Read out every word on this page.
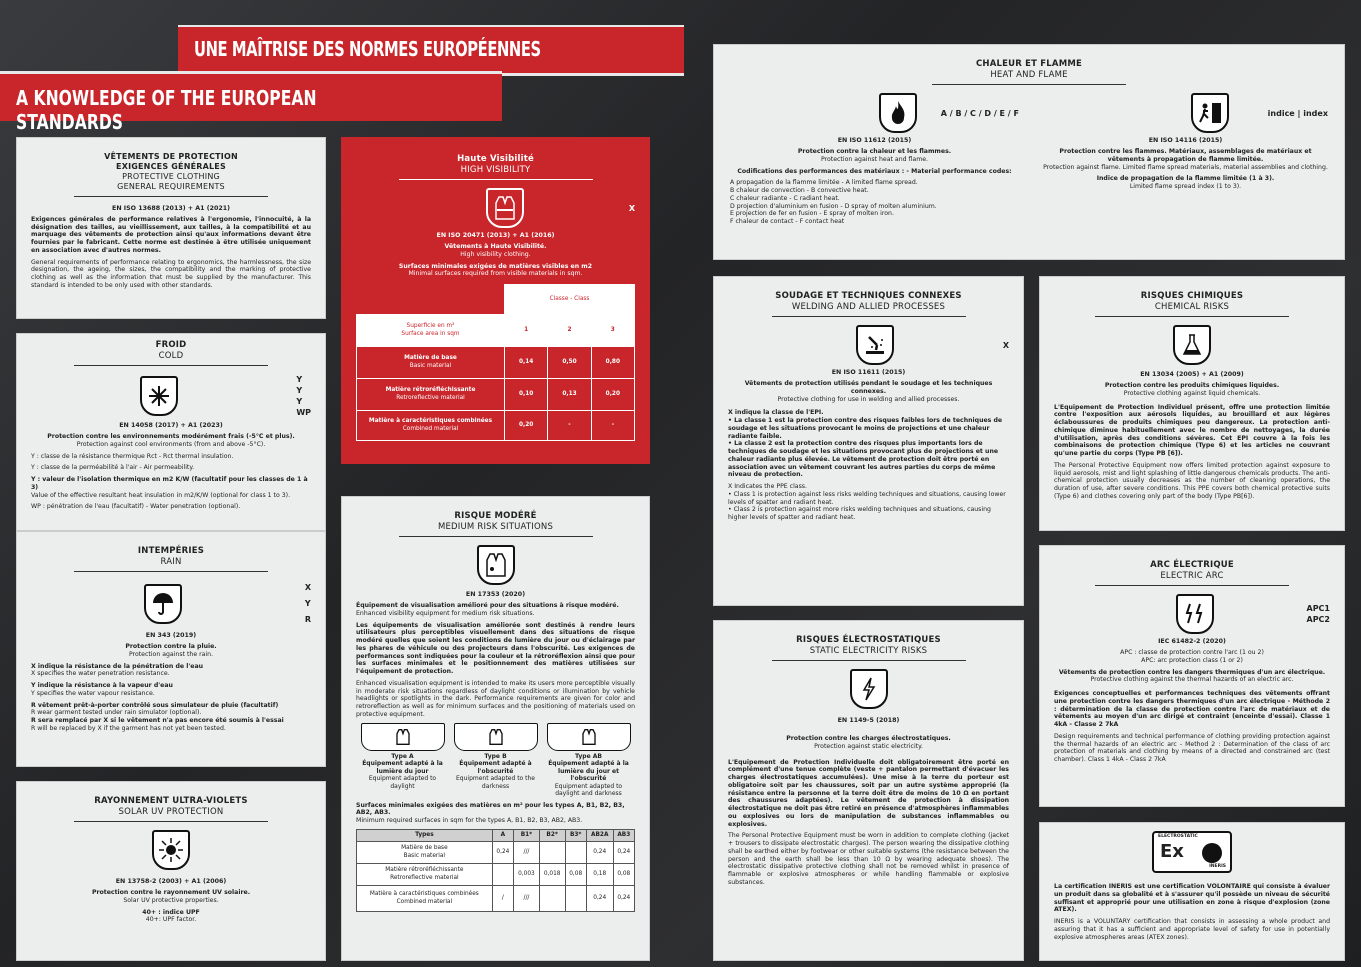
UNE MAÎTRISE DES NORMES EUROPÉENNES
A KNOWLEDGE OF THE EUROPEAN STANDARDS
VÊTEMENTS DE PROTECTION
EXIGENCES GÉNÉRALES
PROTECTIVE CLOTHING
GENERAL REQUIREMENTS
EN ISO 13688 (2013) + A1 (2021)

Exigences générales de performance relatives à l'ergonomie, l'innocuité, à la désignation des tailles, au vieillissement, aux tailles, à la compatibilité et au marquage des vêtements de protection ainsi qu'aux informations devant être fournies par le fabricant. Cette norme est destinée à être utilisée uniquement en association avec d'autres normes.

General requirements of performance relating to ergonomics, the harmlessness, the size designation, the ageing, the sizes, the compatibility and the marking of protective clothing as well as the information that must be supplied by the manufacturer. This standard is intended to be only used with other standards.

FROID
COLD
Y
Y
Y
WP
EN 14058 (2017) + A1 (2023)
Protection contre les environnements modérément frais (-5°C et plus).

Protection against cool environments (from and above -5°C).

Y : classe de la résistance thermique Rct - Rct thermal insulation.

Y : classe de la perméabilité à l'air - Air permeability.

Y : valeur de l'isolation thermique en m2 K/W (facultatif pour les classes de 1 à 3)

Value of the effective resultant heat insulation in m2/K/W (optional for class 1 to 3).

WP : pénétration de l'eau (facultatif) - Water penetration (optional).

INTEMPÉRIES
RAIN
X
Y
R
EN 343 (2019)
Protection contre la pluie.

Protection against the rain.

X indique la résistance de la pénétration de l'eau

X specifies the water penetration resistance.

Y indique la résistance à la vapeur d'eau

Y specifies the water vapour resistance.

R vêtement prêt-à-porter contrôlé sous simulateur de pluie (facultatif)
R wear garment tested under rain simulator (optional).
R sera remplacé par X si le vêtement n'a pas encore été soumis à l'essai
R will be replaced by X if the garment has not yet been tested.
RAYONNEMENT ULTRA-VIOLETS
SOLAR UV PROTECTION
EN 13758-2 (2003) + A1 (2006)
Protection contre le rayonnement UV solaire.

Solar UV protective properties.

40+ : indice UPF
40+: UPF factor.
Haute Visibilité
HIGH VISIBILITY
X
EN ISO 20471 (2013) + A1 (2016)
Vêtements à Haute Visibilité.

High visibility clothing.

Surfaces minimales exigées de matières visibles en m2

Minimal surfaces required from visible materials in sqm.

	Classe - Class		

Superficie en m²
Surface area in sqm	1	2	3

Matière de base
Basic material	0,14	0,50	0,80

Matière rétroréfléchissante
Retroreflective material	0,10	0,13	0,20

Matière à caractéristiques combinées
Combined material	0,20	-	-
RISQUE MODÉRÉ
MEDIUM RISK SITUATIONS
EN 17353 (2020)
Équipement de visualisation amélioré pour des situations à risque modéré.

Enhanced visibility equipment for medium risk situations.

Les équipements de visualisation améliorée sont destinés à rendre leurs utilisateurs plus perceptibles visuellement dans des situations de risque modéré quelles que soient les conditions de lumière du jour ou d'éclairage par les phares de véhicule ou des projecteurs dans l'obscurité. Les exigences de performances sont indiquées pour la couleur et la rétroréflexion ainsi que pour les surfaces minimales et le positionnement des matières utilisées sur l'équipement de protection.

Enhanced visualisation equipment is intended to make its users more perceptible visually in moderate risk situations regardless of daylight conditions or illumination by vehicle headlights or spotlights in the dark. Performance requirements are given for color and retroreflection as well as for minimum surfaces and the positioning of materials used on protective equipment.

Type A
Équipement adapté à la lumière du jour
Equipment adapted to daylight
Type B
Équipement adapté à l'obscurité
Equipment adapted to the darkness
Type AB
Équipement adapté à la lumière du jour et l'obscurité
Equipment adapted to daylight and darkness
Surfaces minimales exigées des matières en m² pour les types A, B1, B2, B3, AB2, AB3.

Minimum required surfaces in sqm for the types A, B1, B2, B3, AB2, AB3.

Types	A	B1*	B2*	B3*	AB2A	AB3

Matière de base
Basic material	0,24	///			0,24	0,24

Matière rétroréfléchissante
Retroreflective material		0,003	0,018	0,08	0,18	0,08

Matière à caractéristiques combinées
Combined material	/	///			0,24	0,24
CHALEUR ET FLAMME
HEAT AND FLAME
A / B / C / D / E / F
EN ISO 11612 (2015)
Protection contre la chaleur et les flammes.

Protection against heat and flame.

Codifications des performances des matériaux : - Material performance codes:

A propagation de la flamme limitée - A limited flame spread.
B chaleur de convection - B convective heat.
C chaleur radiante - C radiant heat.
D projection d'aluminium en fusion - D spray of molten aluminium.
E projection de fer en fusion - E spray of molten iron.
F chaleur de contact - F contact heat
indice | index
EN ISO 14116 (2015)
Protection contre les flammes. Matériaux, assemblages de matériaux et vêtements à propagation de flamme limitée.

Protection against flame. Limited flame spread materials, material assemblies and clothing.

Indice de propagation de la flamme limitée (1 à 3).
Limited flame spread index (1 to 3).
SOUDAGE ET TECHNIQUES CONNEXES
WELDING AND ALLIED PROCESSES
X
EN ISO 11611 (2015)
Vêtements de protection utilisés pendant le soudage et les techniques connexes.

Protective clothing for use in welding and allied processes.

X indique la classe de l'EPI.
• La classe 1 est la protection contre des risques faibles lors de techniques de soudage et les situations provocant le moins de projections et une chaleur radiante faible.

• La classe 2 est la protection contre des risques plus importants lors de techniques de soudage et les situations provocant plus de projections et une chaleur radiante plus élevée. Le vêtement de protection doit être porté en association avec un vêtement couvrant les autres parties du corps de même niveau de protection.

X Indicates the PPE class.
• Class 1 is protection against less risks welding techniques and situations, causing lower levels of spatter and radiant heat.
• Class 2 is protection against more risks welding techniques and situations, causing higher levels of spatter and radiant heat.
RISQUES ÉLECTROSTATIQUES
STATIC ELECTRICITY RISKS
EN 1149-5 (2018)
Protection contre les charges électrostatiques.

Protection against static electricity.

L'Equipement de Protection Individuelle doit obligatoirement être porté en complément d'une tenue complète (veste + pantalon permettant d'évacuer les charges électrostatiques accumulées). Une mise à la terre du porteur est obligatoire soit par les chaussures, soit par un autre système approprié (la résistance entre la personne et la terre doit être de moins de 10 Ω en portant des chaussures adaptées). Le vêtement de protection à dissipation électrostatique ne doit pas être retiré en présence d'atmosphères inflammables ou explosives ou lors de manipulation de substances inflammables ou explosives.

The Personal Protective Equipment must be worn in addition to complete clothing (jacket + trousers to dissipate electrostatic charges). The person wearing the dissipative clothing shall be earthed either by footwear or other suitable systems (the resistance between the person and the earth shall be less than 10 Ω by wearing adequate shoes). The electrostatic dissipative protective clothing shall not be removed whilst in presence of flammable or explosive atmospheres or while handling flammable or explosive substances.

RISQUES CHIMIQUES
CHEMICAL RISKS
EN 13034 (2005) + A1 (2009)
Protection contre les produits chimiques liquides.

Protective clothing against liquid chemicals.

L'Equipement de Protection Individuel présent, offre une protection limitée contre l'exposition aux aérosols liquides, au brouillard et aux légères éclaboussures de produits chimiques peu dangereux. La protection anti-chimique diminue habituellement avec le nombre de nettoyages, la durée d'utilisation, après des conditions sévères. Cet EPI couvre à la fois les combinaisons de protection chimique (Type 6) et les articles ne couvrant qu'une partie du corps (Type PB [6]).

The Personal Protective Equipment now offers limited protection against exposure to liquid aerosols, mist and light splashing of little dangerous chemicals products. The anti-chemical protection usually decreases as the number of cleaning operations, the duration of use, after severe conditions. This PPE covers both chemical protective suits (Type 6) and clothes covering only part of the body (Type PB[6]).

ARC ÉLECTRIQUE
ELECTRIC ARC
APC1
APC2
IEC 61482-2 (2020)
APC : classe de protection contre l'arc (1 ou 2)

APC: arc protection class (1 or 2)

Vêtements de protection contre les dangers thermiques d'un arc électrique.

Protective clothing against the thermal hazards of an electric arc.

Exigences conceptuelles et performances techniques des vêtements offrant une protection contre les dangers thermiques d'un arc électrique - Méthode 2 : détermination de la classe de protection contre l'arc de matériaux et de vêtements au moyen d'un arc dirigé et contraint (enceinte d'essai). Classe 1 4kA - Classe 2 7kA

Design requirements and technical performance of clothing providing protection against the thermal hazards of an electric arc - Method 2 : Determination of the class of arc protection of materials and clothing by means of a directed and constrained arc (test chamber). Class 1 4kA - Class 2 7kA

ELECTROSTATIC
Ex
INERIS

La certification INERIS est une certification VOLONTAIRE qui consiste à évaluer un produit dans sa globalité et à s'assurer qu'il possède un niveau de sécurité suffisant et approprié pour une utilisation en zone à risque d'explosion (zone ATEX).

INERIS is a VOLUNTARY certification that consists in assessing a whole product and assuring that it has a sufficient and appropriate level of safety for use in potentially explosive atmospheres areas (ATEX zones).
